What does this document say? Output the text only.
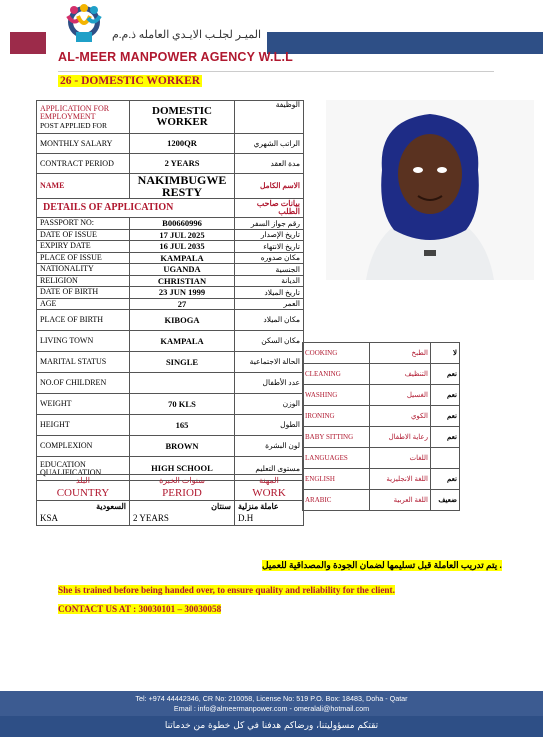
الميـر لجلـب الايـدي العامله ذ.م.م
AL-MEER MANPOWER AGENCY W.L.L
26 - DOMESTIC WORKER
APPLICATION FOR EMPLOYMENT
POST APPLIED FOR	DOMESTIC WORKER	الوظيفة
MONTHLY SALARY	1200QR	الراتب الشهري
CONTRACT PERIOD	2 YEARS	مدة العقد
NAME	NAKIMBUGWE RESTY	الاسم الكامل
DETAILS OF APPLICATION		بيانات صاحب الطلب
PASSPORT NO:	B00660996	رقم جواز السفر
DATE OF ISSUE	17 JUL 2025	تاريخ الإصدار
EXPIRY DATE	16 JUL 2035	تاريخ الانتهاء
PLACE OF ISSUE	KAMPALA	مكان صدوره
NATIONALITY	UGANDA	الجنسية
RELIGION	CHRISTIAN	الديانة
DATE OF BIRTH	23 JUN 1999	تاريخ الميلاد
AGE	27	العمر
PLACE OF BIRTH	KIBOGA	مكان الميلاد
LIVING TOWN	KAMPALA	مكان السكن
MARITAL STATUS	SINGLE	الحالة الاجتماعية
NO.OF CHILDREN		عدد الأطفال
WEIGHT	70 KLS	الوزن
HEIGHT	165	الطول
COMPLEXION	BROWN	لون البشرة
EDUCATION QUALIFICATION	HIGH SCHOOL	مستوى التعليم
COOKING	الطبخ	لا
CLEANING	التنظيف	نعم
WASHING	الغسيل	نعم
IRONING	الكوي	نعم
BABY SITTING	رعاية الاطفال	نعم
LANGUAGES	اللغات	
ENGLISH	اللغة الانجليزية	نعم
ARABIC	اللغة العربية	ضعيف
البلد	سنوات الخبرة	المهنة
COUNTRY	PERIOD	WORK
السعودية	سنتان	عاملة منزلية
KSA	2 YEARS	D.H
يتم تدريب العاملة قبل تسليمها لضمان الجودة والمصداقية للعميل .
She is trained before being handed over, to ensure quality and reliability for the client.
CONTACT US AT : 30030101 – 30030058
Tel: +974 44442346, CR No: 210058, License No: 519 P.O. Box: 18483, Doha - Qatar
Email : info@almeermanpower.com - omeralali@hotmail.com
تقتكم مسؤوليتنا، ورضاكم هدفنا في كل خطوة من خدماتنا
